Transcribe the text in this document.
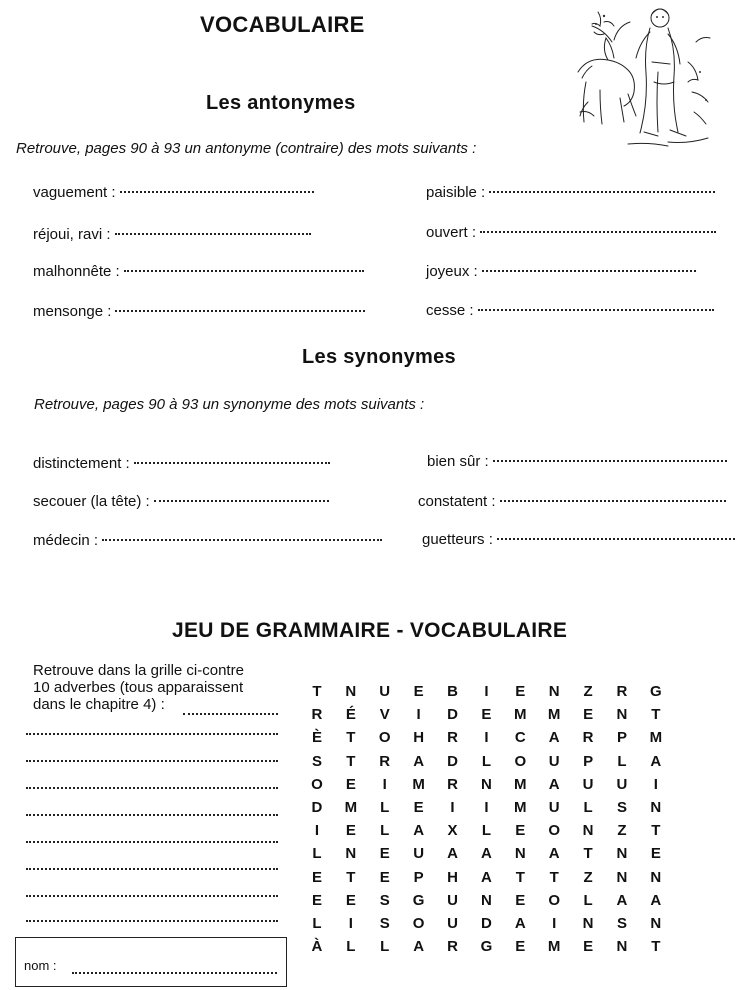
VOCABULAIRE
Les antonymes
Les synonymes
JEU DE GRAMMAIRE - VOCABULAIRE
Retrouve, pages 90 à 93 un antonyme (contraire) des mots suivants :
vaguement :
réjoui, ravi :
malhonnête :
mensonge :
paisible :
ouvert :
joyeux :
cesse :
Retrouve, pages 90 à 93 un synonyme des mots suivants :
distinctement :
secouer (la tête) :
médecin :
bien sûr :
constatent :
guetteurs :
Retrouve dans la grille ci-contre
10 adverbes (tous apparaissent
dans le chapitre 4) :
nom :
T	N	U	E	B	I	E	N	Z	R	G
R	É	V	I	D	E	M	M	E	N	T
È	T	O	H	R	I	C	A	R	P	M
S	T	R	A	D	L	O	U	P	L	A
O	E	I	M	R	N	M	A	U	U	I
D	M	L	E	I	I	M	U	L	S	N
I	E	L	A	X	L	E	O	N	Z	T
L	N	E	U	A	A	N	A	T	N	E
E	T	E	P	H	A	T	T	Z	N	N
E	E	S	G	U	N	E	O	L	A	A
L	I	S	O	U	D	A	I	N	S	N
À	L	L	A	R	G	E	M	E	N	T
